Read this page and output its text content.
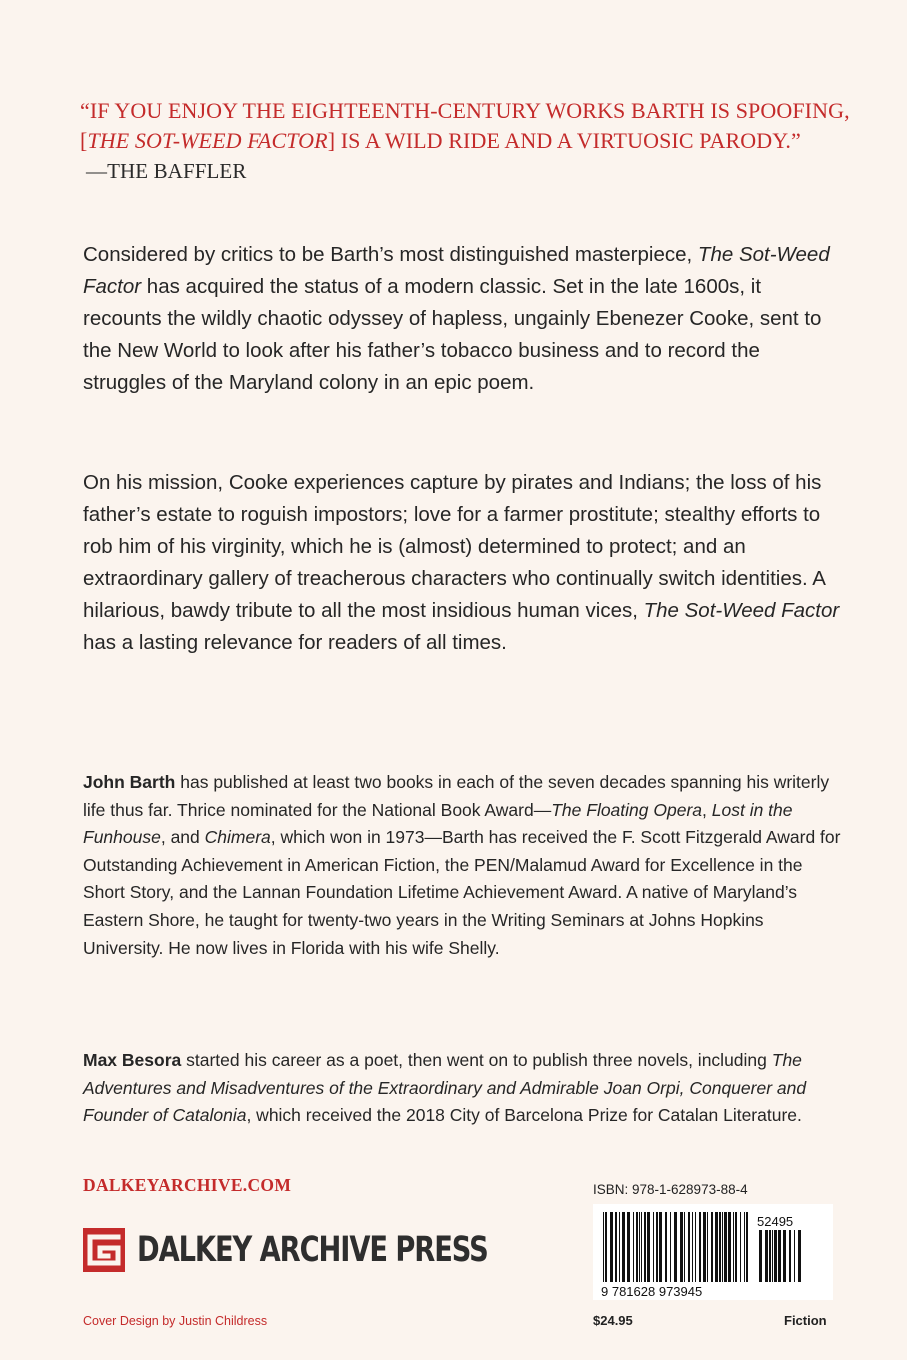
“IF YOU ENJOY THE EIGHTEENTH-CENTURY WORKS BARTH IS SPOOFING,
[THE SOT-WEED FACTOR] IS A WILD RIDE AND A VIRTUOSIC PARODY.”
—THE BAFFLER

Considered by critics to be Barth’s most distinguished masterpiece, The Sot-Weed Factor has acquired the status of a modern classic. Set in the late 1600s, it recounts the wildly chaotic odyssey of hapless, ungainly Ebenezer Cooke, sent to the New World to look after his father’s tobacco business and to record the struggles of the Maryland colony in an epic poem.

On his mission, Cooke experiences capture by pirates and Indians; the loss of his father’s estate to roguish impostors; love for a farmer prostitute; stealthy efforts to rob him of his virginity, which he is (almost) determined to protect; and an extraordinary gallery of treacherous characters who continually switch identities. A hilarious, bawdy tribute to all the most insidious human vices, The Sot-Weed Factor has a lasting relevance for readers of all times.

John Barth has published at least two books in each of the seven decades spanning his writerly life thus far. Thrice nominated for the National Book Award—The Floating Opera, Lost in the Funhouse, and Chimera, which won in 1973—Barth has received the F. Scott Fitzgerald Award for Outstanding Achievement in American Fiction, the PEN/Malamud Award for Excellence in the Short Story, and the Lannan Foundation Lifetime Achievement Award. A native of Maryland’s Eastern Shore, he taught for twenty-two years in the Writing Seminars at Johns Hopkins University. He now lives in Florida with his wife Shelly.

Max Besora started his career as a poet, then went on to publish three novels, including The Adventures and Misadventures of the Extraordinary and Admirable Joan Orpi, Conquerer and Founder of Catalonia, which received the 2018 City of Barcelona Prize for Catalan Literature.

DALKEYARCHIVE.COM
DALKEY ARCHIVE PRESS
Cover Design by Justin Childress
ISBN: 978-1-628973-88-4
52495
9 781628 973945
$24.95	Fiction
